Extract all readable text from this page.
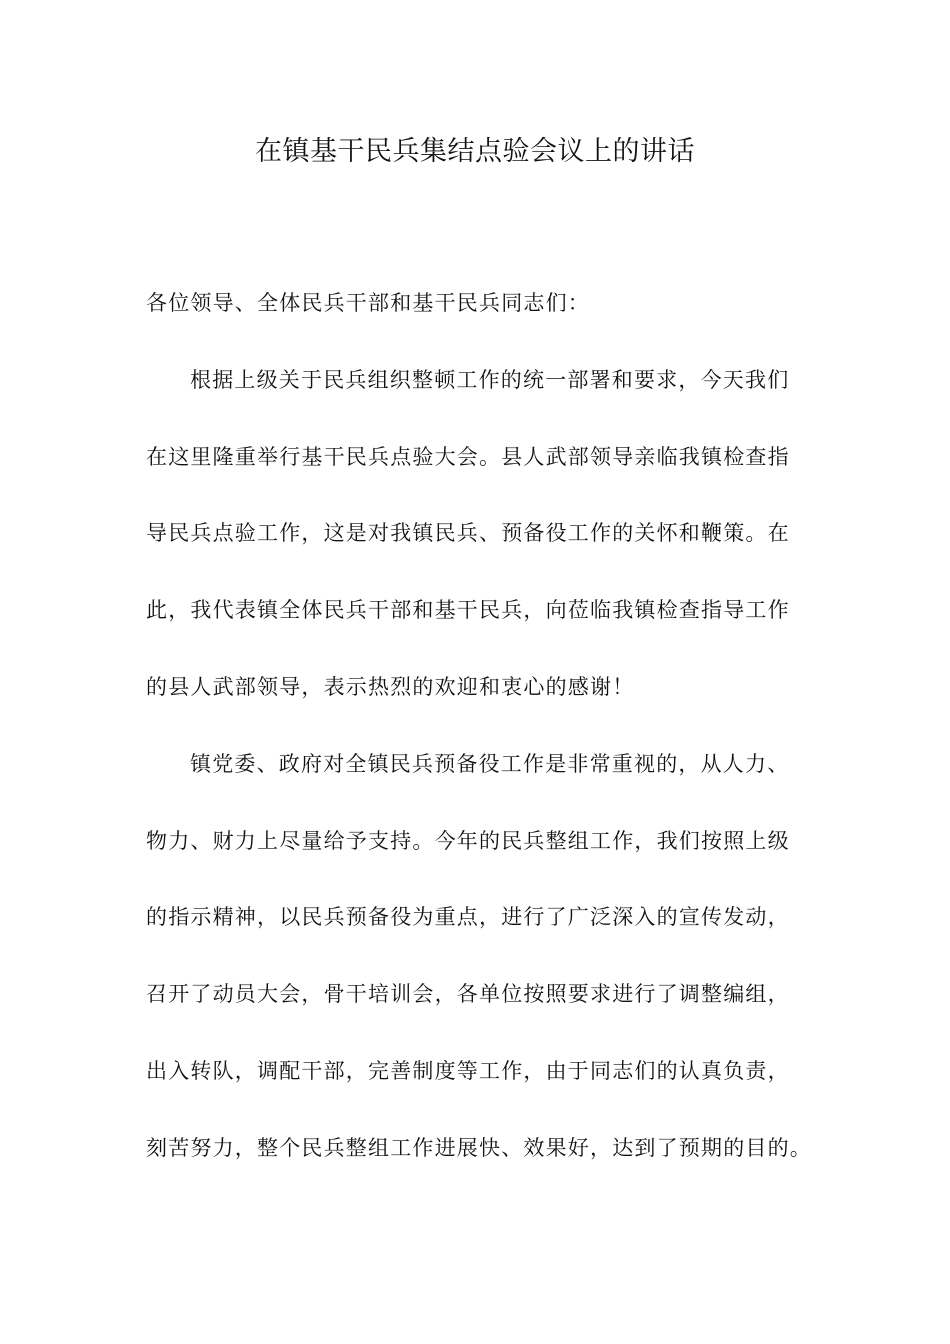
在镇基干民兵集结点验会议上的讲话
各位领导、全体民兵干部和基干民兵同志们：
根据上级关于民兵组织整顿工作的统一部署和要求，今天我们
在这里隆重举行基干民兵点验大会。县人武部领导亲临我镇检查指
导民兵点验工作，这是对我镇民兵、预备役工作的关怀和鞭策。在
此，我代表镇全体民兵干部和基干民兵，向莅临我镇检查指导工作
的县人武部领导，表示热烈的欢迎和衷心的感谢！
镇党委、政府对全镇民兵预备役工作是非常重视的，从人力、
物力、财力上尽量给予支持。今年的民兵整组工作，我们按照上级
的指示精神，以民兵预备役为重点，进行了广泛深入的宣传发动，
召开了动员大会，骨干培训会，各单位按照要求进行了调整编组，
出入转队，调配干部，完善制度等工作，由于同志们的认真负责，
刻苦努力，整个民兵整组工作进展快、效果好，达到了预期的目的。
